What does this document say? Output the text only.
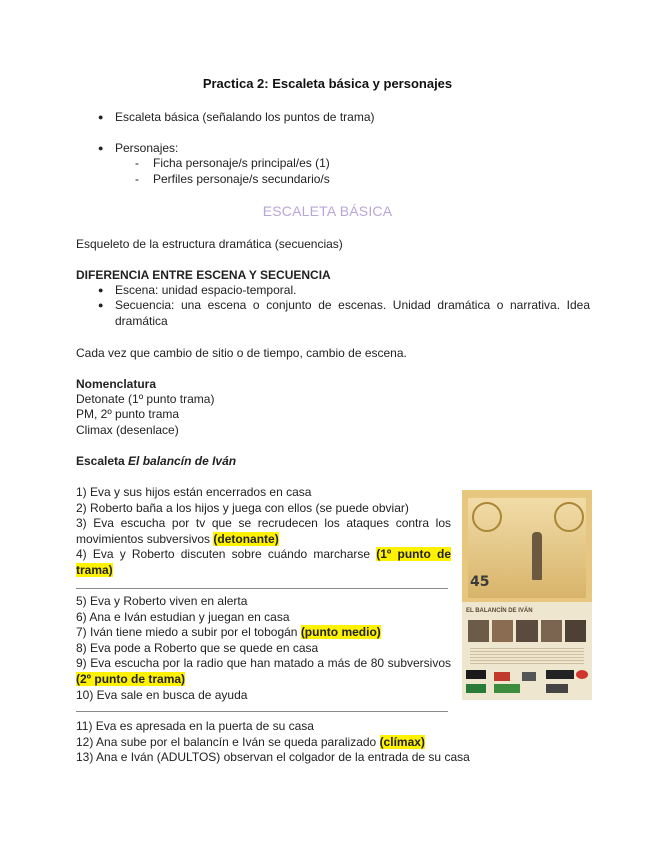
Practica 2: Escaleta básica y personajes
● Escaleta básica (señalando los puntos de trama)
● Personajes:
- Ficha personaje/s principal/es (1)
- Perfiles personaje/s secundario/s
ESCALETA BÁSICA
Esqueleto de la estructura dramática (secuencias)
DIFERENCIA ENTRE ESCENA Y SECUENCIA
● Escena: unidad espacio-temporal.
● Secuencia: una escena o conjunto de escenas. Unidad dramática o narrativa. Idea dramática
Cada vez que cambio de sitio o de tiempo, cambio de escena.
Nomenclatura
Detonate (1º punto trama)
PM, 2º punto trama
Climax (desenlace)
Escaleta El balancín de Iván
1) Eva y sus hijos están encerrados en casa
2) Roberto baña a los hijos y juega con ellos (se puede obviar)
3) Eva escucha por tv que se recrudecen los ataques contra los movimientos subversivos (detonante)
4) Eva y Roberto discuten sobre cuándo marcharse (1º punto de trama)
5) Eva y Roberto viven en alerta
6) Ana e Iván estudian y juegan en casa
7) Iván tiene miedo a subir por el tobogán (punto medio)
8) Eva pode a Roberto que se quede en casa
9) Eva escucha por la radio que han matado a más de 80 subversivos (2º punto de trama)
10) Eva sale en busca de ayuda
11) Eva es apresada en la puerta de su casa
12) Ana sube por el balancín e Iván se queda paralizado (clímax)
13) Ana e Iván (ADULTOS) observan el colgador de la entrada de su casa
45
EL BALANCÍN DE IVÁN
